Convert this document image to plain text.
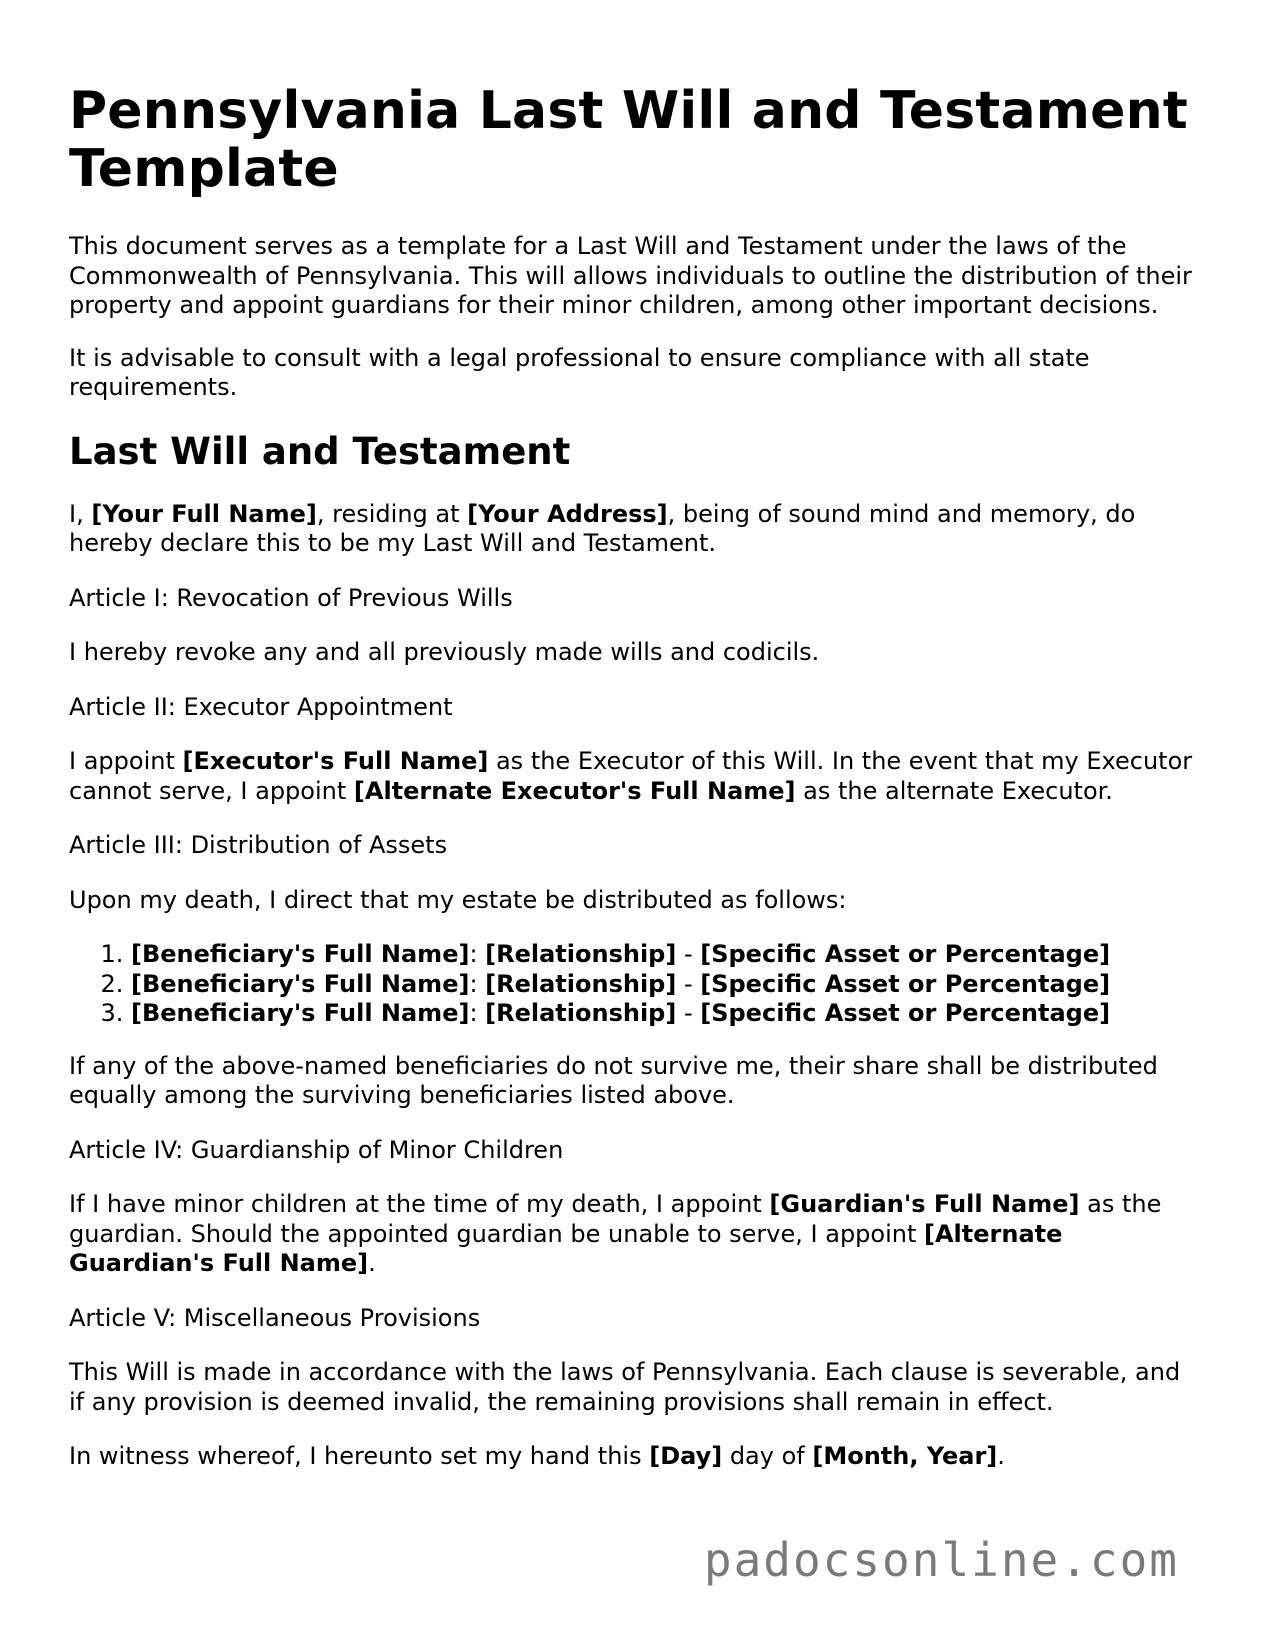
Pennsylvania Last Will and Testament Template

This document serves as a template for a Last Will and Testament under the laws of the Commonwealth of Pennsylvania. This will allows individuals to outline the distribution of their property and appoint guardians for their minor children, among other important decisions.

It is advisable to consult with a legal professional to ensure compliance with all state requirements.

Last Will and Testament

I, [Your Full Name], residing at [Your Address], being of sound mind and memory, do hereby declare this to be my Last Will and Testament.

Article I: Revocation of Previous Wills

I hereby revoke any and all previously made wills and codicils.

Article II: Executor Appointment

I appoint [Executor's Full Name] as the Executor of this Will. In the event that my Executor cannot serve, I appoint [Alternate Executor's Full Name] as the alternate Executor.

Article III: Distribution of Assets

Upon my death, I direct that my estate be distributed as follows:

1. [Beneficiary's Full Name]: [Relationship] - [Specific Asset or Percentage]
2. [Beneficiary's Full Name]: [Relationship] - [Specific Asset or Percentage]
3. [Beneficiary's Full Name]: [Relationship] - [Specific Asset or Percentage]

If any of the above-named beneficiaries do not survive me, their share shall be distributed equally among the surviving beneficiaries listed above.

Article IV: Guardianship of Minor Children

If I have minor children at the time of my death, I appoint [Guardian's Full Name] as the guardian. Should the appointed guardian be unable to serve, I appoint [Alternate Guardian's Full Name].

Article V: Miscellaneous Provisions

This Will is made in accordance with the laws of Pennsylvania. Each clause is severable, and if any provision is deemed invalid, the remaining provisions shall remain in effect.

In witness whereof, I hereunto set my hand this [Day] day of [Month, Year].

padocsonline.com
